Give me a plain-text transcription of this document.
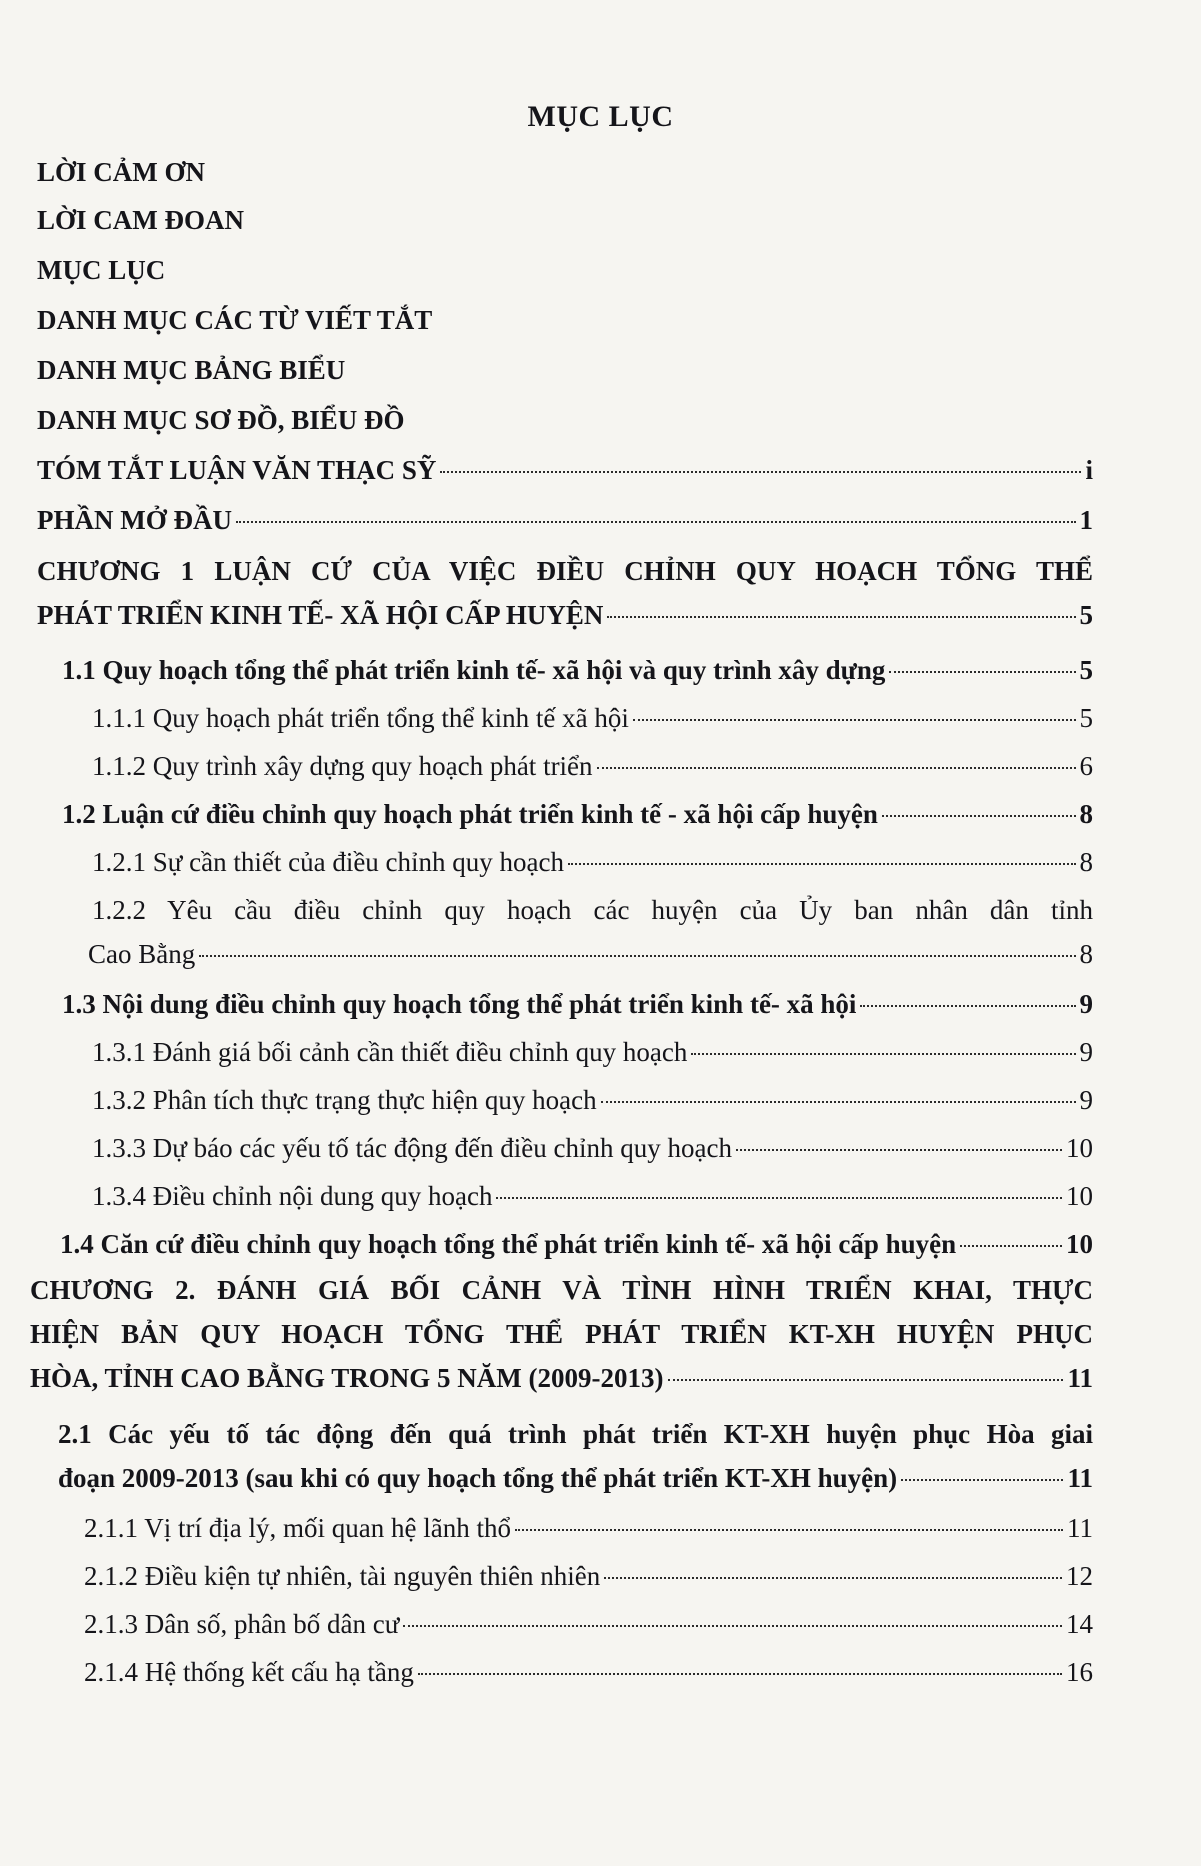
MỤC LỤC
LỜI CẢM ƠN
LỜI CAM ĐOAN
MỤC LỤC
DANH MỤC CÁC TỪ VIẾT TẮT
DANH MỤC BẢNG BIỂU
DANH MỤC SƠ ĐỒ, BIỂU ĐỒ
TÓM TẮT LUẬN VĂN THẠC SỸ	i
PHẦN MỞ ĐẦU	1
CHƯƠNG 1 LUẬN CỨ CỦA VIỆC ĐIỀU CHỈNH QUY HOẠCH TỔNG THỂ
PHÁT TRIỂN KINH TẾ- XÃ HỘI CẤP HUYỆN	5
1.1 Quy hoạch tổng thể phát triển kinh tế- xã hội và quy trình xây dựng	5
1.1.1 Quy hoạch phát triển tổng thể kinh tế xã hội	5
1.1.2 Quy trình xây dựng quy hoạch phát triển	6
1.2 Luận cứ điều chỉnh quy hoạch phát triển kinh tế - xã hội cấp huyện	8
1.2.1 Sự cần thiết của điều chỉnh quy hoạch	8
1.2.2 Yêu cầu điều chỉnh quy hoạch các huyện của Ủy ban nhân dân tỉnh
Cao Bằng	8
1.3 Nội dung điều chỉnh quy hoạch tổng thể phát triển kinh tế- xã hội	9
1.3.1 Đánh giá bối cảnh cần thiết điều chỉnh quy hoạch	9
1.3.2 Phân tích thực trạng thực hiện quy hoạch	9
1.3.3 Dự báo các yếu tố tác động đến điều chỉnh quy hoạch	10
1.3.4 Điều chỉnh nội dung quy hoạch	10
1.4 Căn cứ điều chỉnh quy hoạch tổng thể phát triển kinh tế- xã hội cấp huyện	10
CHƯƠNG 2. ĐÁNH GIÁ BỐI CẢNH VÀ TÌNH HÌNH TRIỂN KHAI, THỰC
HIỆN BẢN QUY HOẠCH TỔNG THỂ PHÁT TRIỂN KT-XH HUYỆN PHỤC
HÒA, TỈNH CAO BẰNG TRONG 5 NĂM (2009-2013)	11
2.1 Các yếu tố tác động đến quá trình phát triển KT-XH huyện phục Hòa giai
đoạn 2009-2013 (sau khi có quy hoạch tổng thể phát triển KT-XH huyện)	11
2.1.1 Vị trí địa lý, mối quan hệ lãnh thổ	11
2.1.2 Điều kiện tự nhiên, tài nguyên thiên nhiên	12
2.1.3 Dân số, phân bố dân cư	14
2.1.4 Hệ thống kết cấu hạ tầng	16
